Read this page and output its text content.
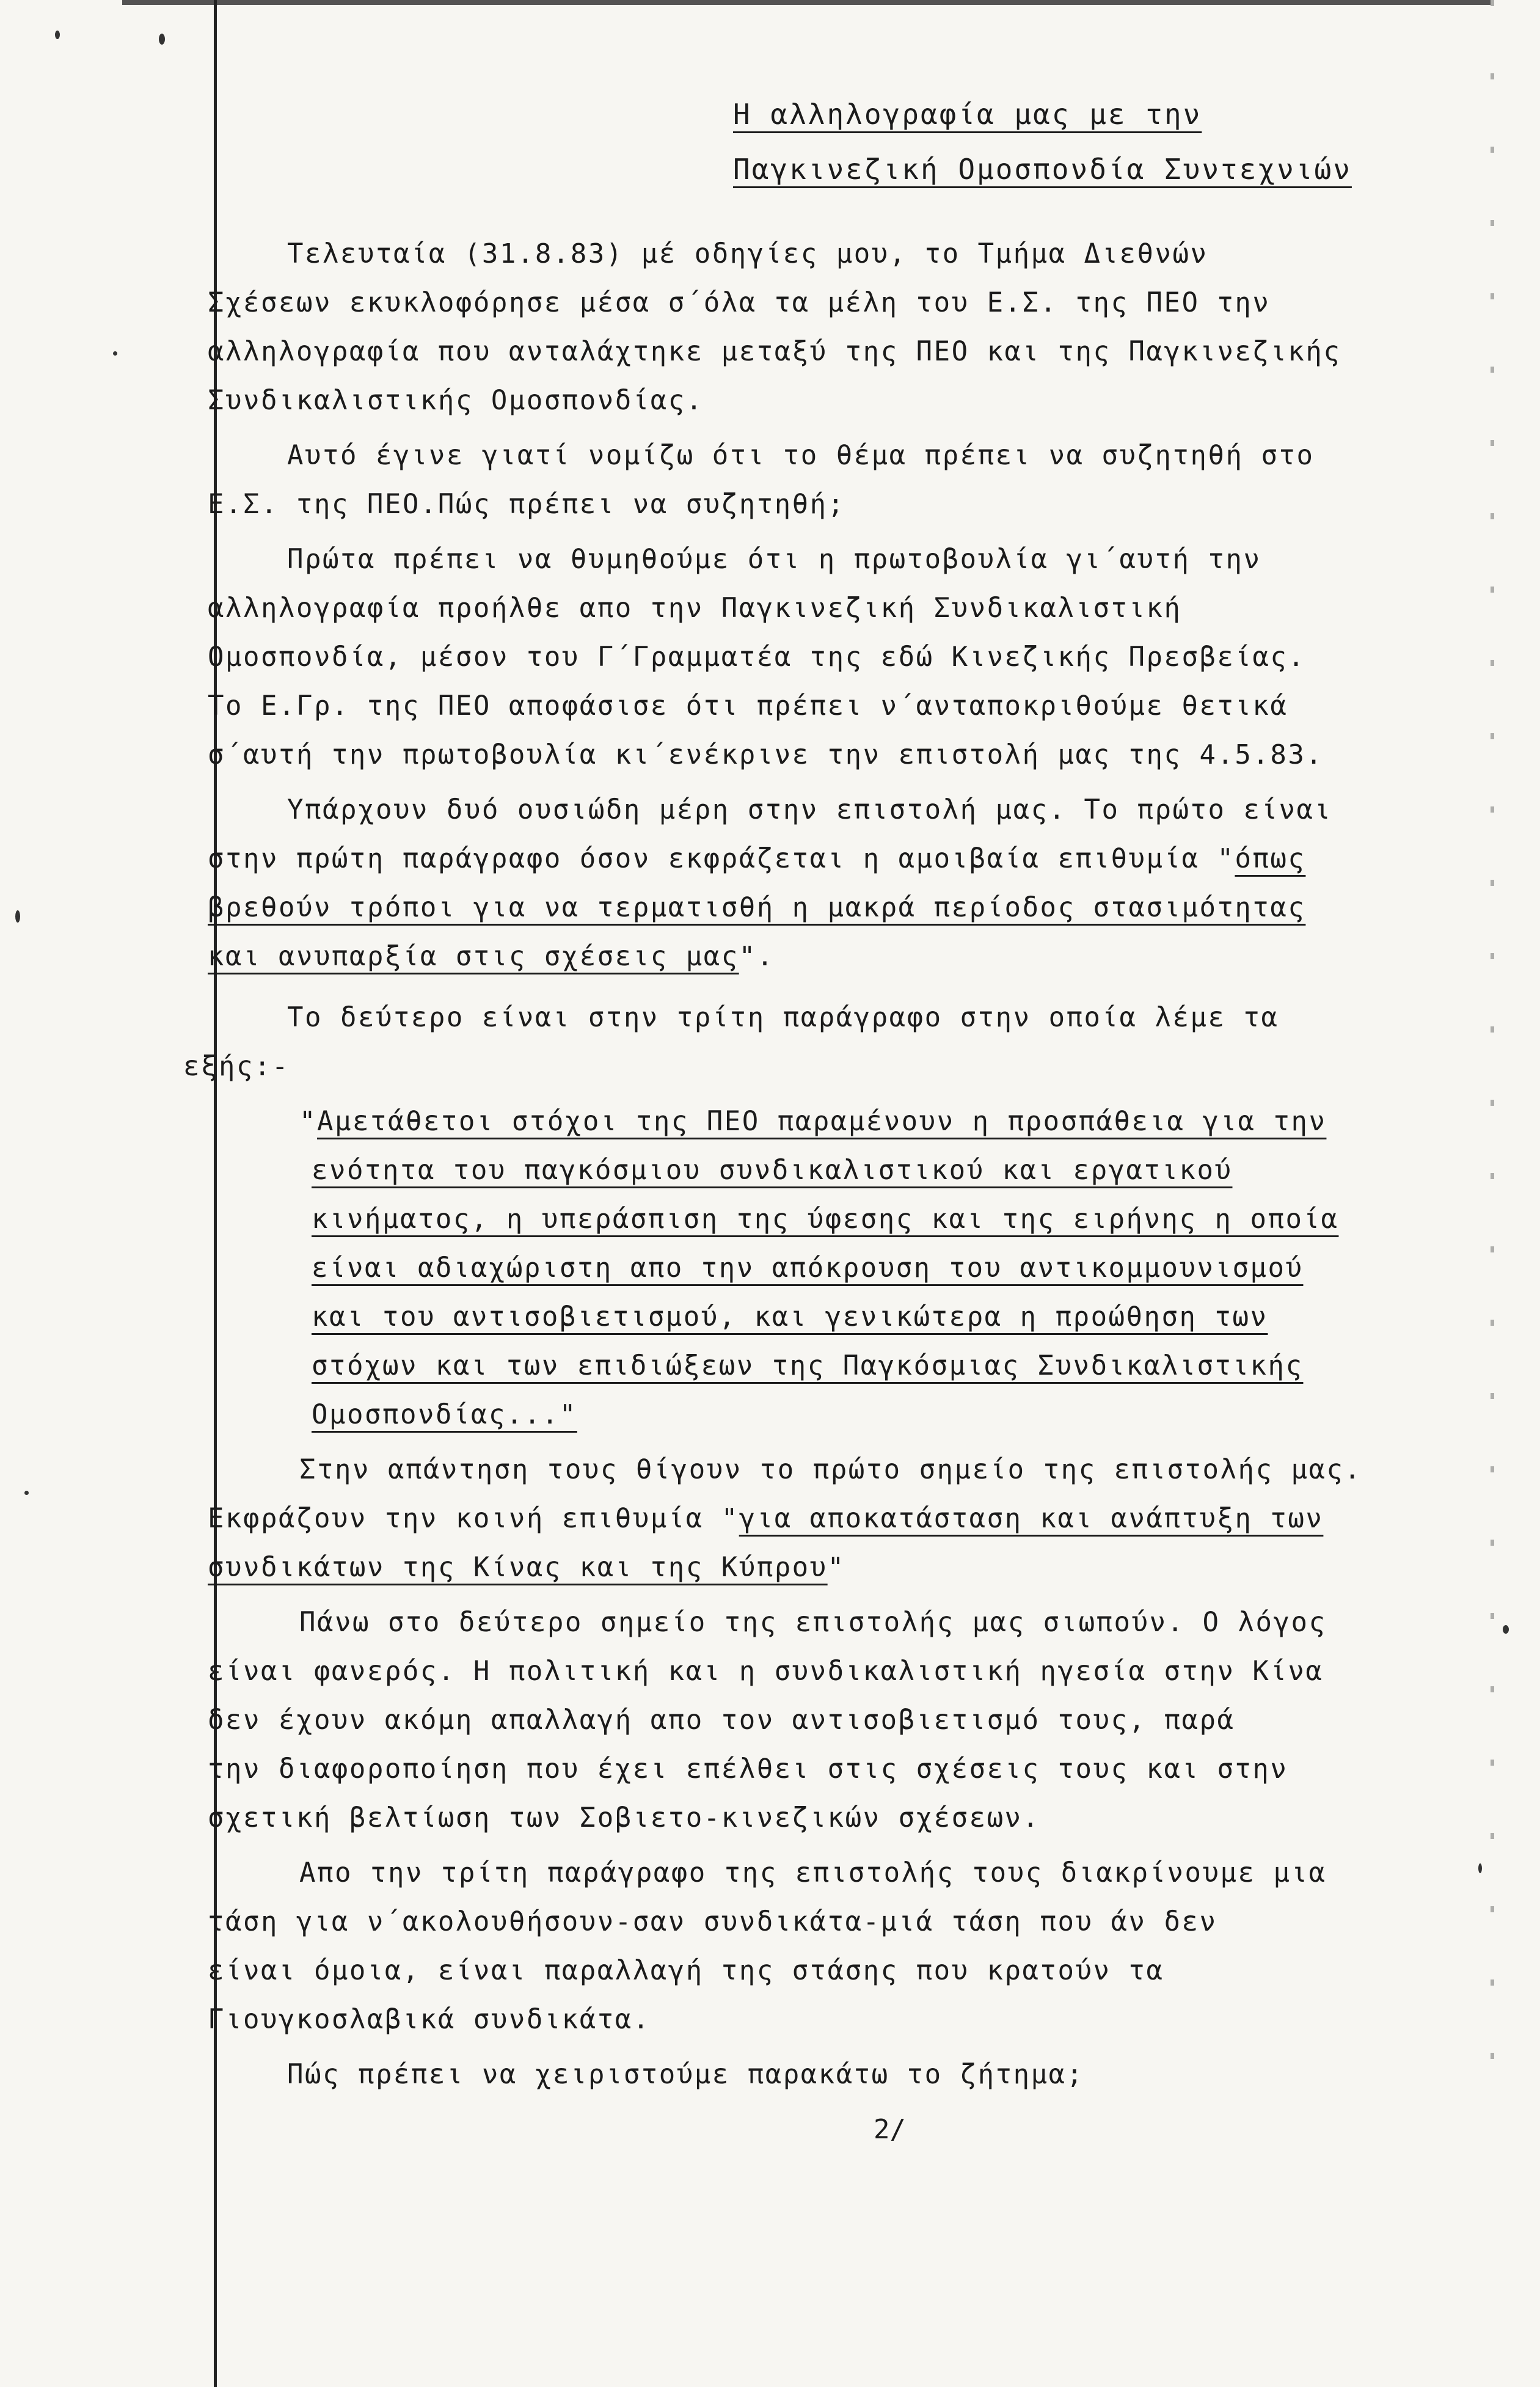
Η αλληλογραφία μας με την
Παγκινεζική Ομοσπονδία Συντεχνιών
Τελευταία (31.8.83) μέ οδηγίες μου, το Τμήμα Διεθνών
Σχέσεων εκυκλοφόρησε μέσα σ΄όλα τα μέλη του Ε.Σ. της ΠΕΟ την
αλληλογραφία που ανταλάχτηκε μεταξύ της ΠΕΟ και της Παγκινεζικής
Συνδικαλιστικής Ομοσπονδίας.
Αυτό έγινε γιατί νομίζω ότι το θέμα πρέπει να συζητηθή στο
Ε.Σ. της ΠΕΟ.Πώς πρέπει να συζητηθή;
Πρώτα πρέπει να θυμηθούμε ότι η πρωτοβουλία γι΄αυτή την
αλληλογραφία προήλθε απο την Παγκινεζική Συνδικαλιστική
Ομοσπονδία, μέσον του Γ΄Γραμματέα της εδώ Κινεζικής Πρεσβείας.
Το Ε.Γρ. της ΠΕΟ αποφάσισε ότι πρέπει ν΄ανταποκριθούμε θετικά
σ΄αυτή την πρωτοβουλία κι΄ενέκρινε την επιστολή μας της 4.5.83.
Υπάρχουν δυό ουσιώδη μέρη στην επιστολή μας. Το πρώτο είναι
στην πρώτη παράγραφο όσον εκφράζεται η αμοιβαία επιθυμία "όπως
βρεθούν τρόποι για να τερματισθή η μακρά περίοδος στασιμότητας
και ανυπαρξία στις σχέσεις μας".
Το δεύτερο είναι στην τρίτη παράγραφο στην οποία λέμε τα
εξής:-
"Αμετάθετοι στόχοι της ΠΕΟ παραμένουν η προσπάθεια για την
ενότητα του παγκόσμιου συνδικαλιστικού και εργατικού
κινήματος, η υπεράσπιση της ύφεσης και της ειρήνης η οποία
είναι αδιαχώριστη απο την απόκρουση του αντικομμουνισμού
και του αντισοβιετισμού, και γενικώτερα η προώθηση των
στόχων και των επιδιώξεων της Παγκόσμιας Συνδικαλιστικής
Ομοσπονδίας..."
Στην απάντηση τους θίγουν το πρώτο σημείο της επιστολής μας.
Εκφράζουν την κοινή επιθυμία "για αποκατάσταση και ανάπτυξη των
συνδικάτων της Κίνας και της Κύπρου"
Πάνω στο δεύτερο σημείο της επιστολής μας σιωπούν. Ο λόγος
είναι φανερός. Η πολιτική και η συνδικαλιστική ηγεσία στην Κίνα
δεν έχουν ακόμη απαλλαγή απο τον αντισοβιετισμό τους, παρά
την διαφοροποίηση που έχει επέλθει στις σχέσεις τους και στην
σχετική βελτίωση των Σοβιετο-κινεζικών σχέσεων.
Απο την τρίτη παράγραφο της επιστολής τους διακρίνουμε μια
τάση για ν΄ακολουθήσουν-σαν συνδικάτα-μιά τάση που άν δεν
είναι όμοια, είναι παραλλαγή της στάσης που κρατούν τα
Γιουγκοσλαβικά συνδικάτα.
Πώς πρέπει να χειριστούμε παρακάτω το ζήτημα;
2/
